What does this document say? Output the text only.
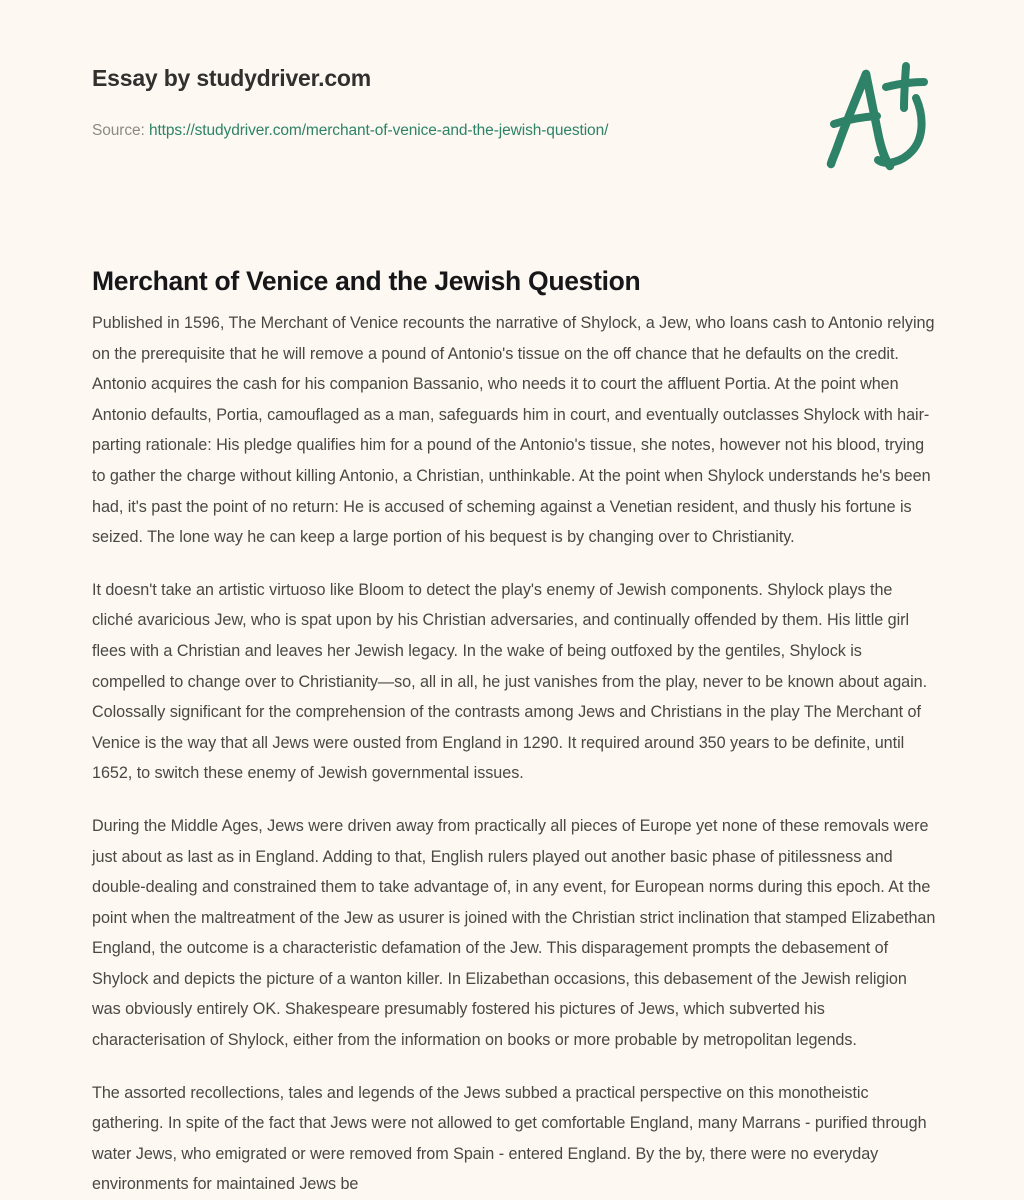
Essay by studydriver.com
Source: https://studydriver.com/merchant-of-venice-and-the-jewish-question/
Merchant of Venice and the Jewish Question

Published in 1596, The Merchant of Venice recounts the narrative of Shylock, a Jew, who loans cash to Antonio relying on the prerequisite that he will remove a pound of Antonio's tissue on the off chance that he defaults on the credit. Antonio acquires the cash for his companion Bassanio, who needs it to court the affluent Portia. At the point when Antonio defaults, Portia, camouflaged as a man, safeguards him in court, and eventually outclasses Shylock with hair-parting rationale: His pledge qualifies him for a pound of the Antonio's tissue, she notes, however not his blood, trying to gather the charge without killing Antonio, a Christian, unthinkable. At the point when Shylock understands he's been had, it's past the point of no return: He is accused of scheming against a Venetian resident, and thusly his fortune is seized. The lone way he can keep a large portion of his bequest is by changing over to Christianity.

It doesn't take an artistic virtuoso like Bloom to detect the play's enemy of Jewish components. Shylock plays the cliché avaricious Jew, who is spat upon by his Christian adversaries, and continually offended by them. His little girl flees with a Christian and leaves her Jewish legacy. In the wake of being outfoxed by the gentiles, Shylock is compelled to change over to Christianity—so, all in all, he just vanishes from the play, never to be known about again. Colossally significant for the comprehension of the contrasts among Jews and Christians in the play The Merchant of Venice is the way that all Jews were ousted from England in 1290. It required around 350 years to be definite, until 1652, to switch these enemy of Jewish governmental issues.

During the Middle Ages, Jews were driven away from practically all pieces of Europe yet none of these removals were just about as last as in England. Adding to that, English rulers played out another basic phase of pitilessness and double-dealing and constrained them to take advantage of, in any event, for European norms during this epoch. At the point when the maltreatment of the Jew as usurer is joined with the Christian strict inclination that stamped Elizabethan England, the outcome is a characteristic defamation of the Jew. This disparagement prompts the debasement of Shylock and depicts the picture of a wanton killer. In Elizabethan occasions, this debasement of the Jewish religion was obviously entirely OK. Shakespeare presumably fostered his pictures of Jews, which subverted his characterisation of Shylock, either from the information on books or more probable by metropolitan legends.

The assorted recollections, tales and legends of the Jews subbed a practical perspective on this monotheistic gathering. In spite of the fact that Jews were not allowed to get comfortable England, many Marrans - purified through water Jews, who emigrated or were removed from Spain - entered England. By the by, there were no everyday environments for maintained Jews be
